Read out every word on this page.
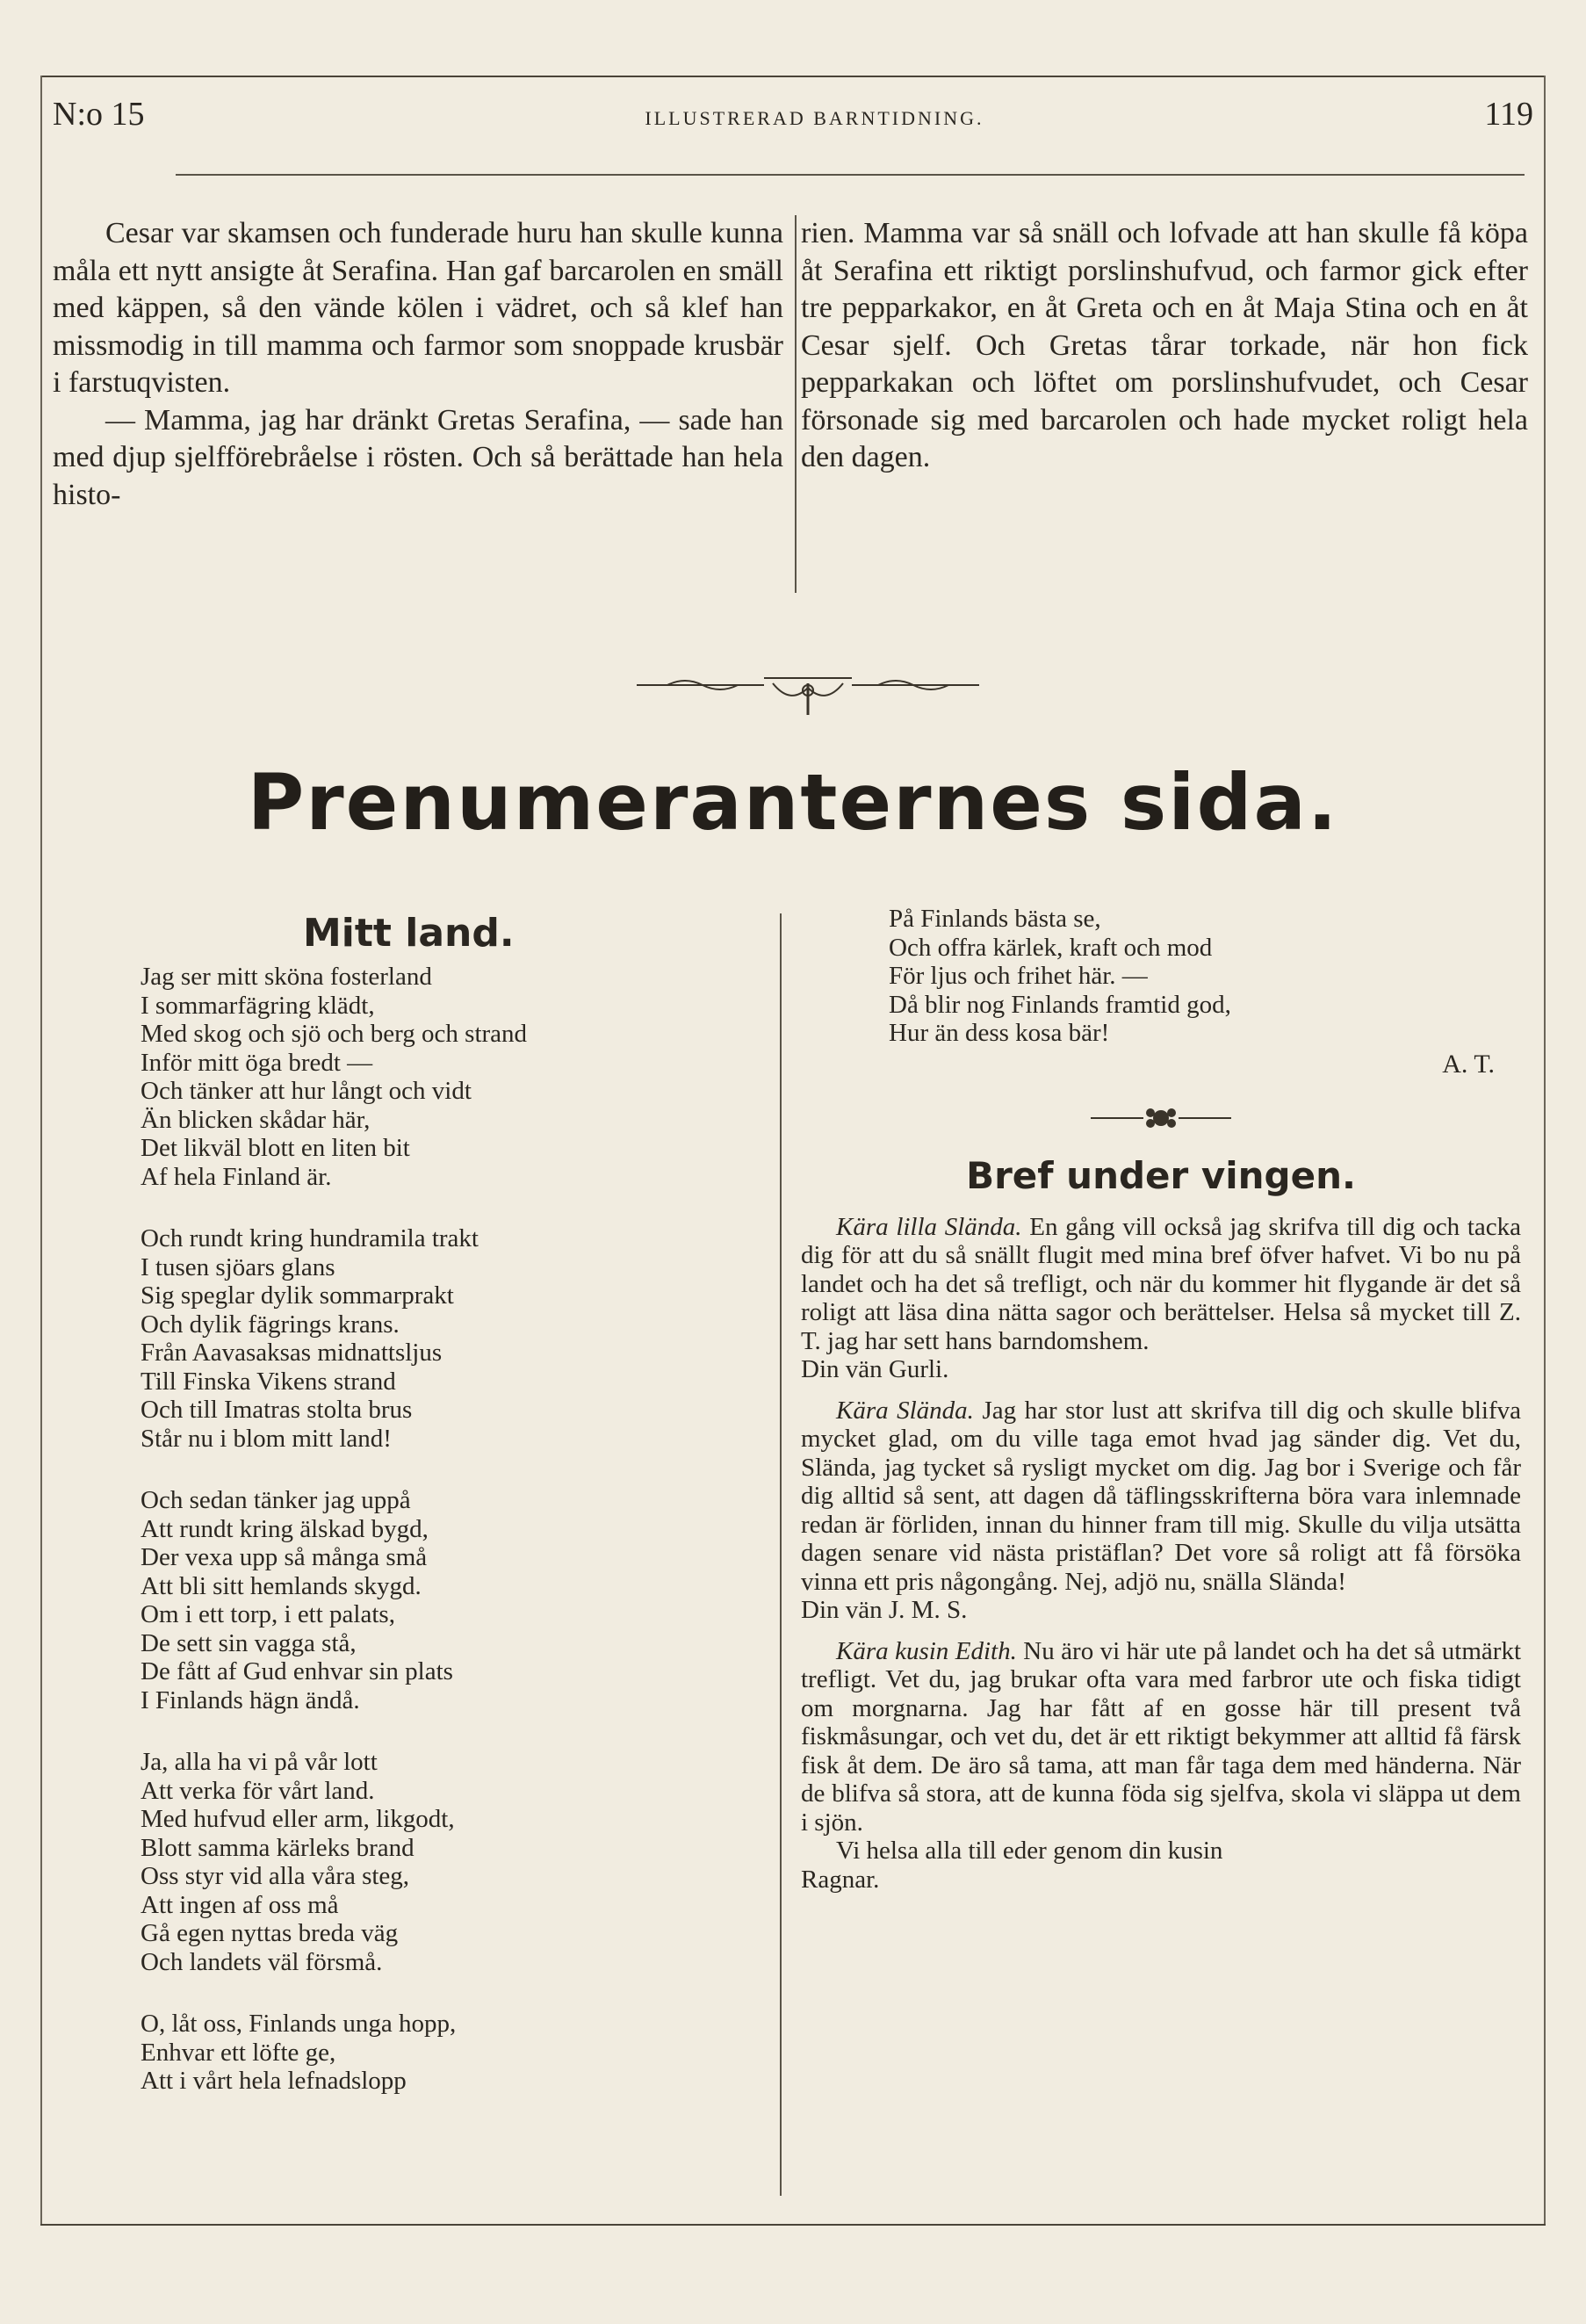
N:o 15	ILLUSTRERAD BARNTIDNING.	119

Cesar var skamsen och funderade huru han skulle kunna måla ett nytt ansigte åt Serafina. Han gaf barcarolen en smäll med käppen, så den vände kölen i vädret, och så klef han missmodig in till mamma och farmor som snoppade krusbär i farstuqvisten.

— Mamma, jag har dränkt Gretas Serafina, — sade han med djup sjelfförebråelse i rösten. Och så berättade han hela histo-

rien. Mamma var så snäll och lofvade att han skulle få köpa åt Serafina ett riktigt porslinshufvud, och farmor gick efter tre pepparkakor, en åt Greta och en åt Maja Stina och en åt Cesar sjelf. Och Gretas tårar torkade, när hon fick pepparkakan och löftet om porslinshufvudet, och Cesar försonade sig med barcarolen och hade mycket roligt hela den dagen.

Prenumeranternes sida.
Mitt land.
Jag ser mitt sköna fosterland
I sommarfägring klädt,
Med skog och sjö och berg och strand
Inför mitt öga bredt —
Och tänker att hur långt och vidt
Än blicken skådar här,
Det likväl blott en liten bit
Af hela Finland är.
Och rundt kring hundramila trakt
I tusen sjöars glans
Sig speglar dylik sommarprakt
Och dylik fägrings krans.
Från Aavasaksas midnattsljus
Till Finska Vikens strand
Och till Imatras stolta brus
Står nu i blom mitt land!
Och sedan tänker jag uppå
Att rundt kring älskad bygd,
Der vexa upp så många små
Att bli sitt hemlands skygd.
Om i ett torp, i ett palats,
De sett sin vagga stå,
De fått af Gud enhvar sin plats
I Finlands hägn ändå.
Ja, alla ha vi på vår lott
Att verka för vårt land.
Med hufvud eller arm, likgodt,
Blott samma kärleks brand
Oss styr vid alla våra steg,
Att ingen af oss må
Gå egen nyttas breda väg
Och landets väl försmå.
O, låt oss, Finlands unga hopp,
Enhvar ett löfte ge,
Att i vårt hela lefnadslopp
På Finlands bästa se,
Och offra kärlek, kraft och mod
För ljus och frihet här. —
Då blir nog Finlands framtid god,
Hur än dess kosa bär!
A. T.
Bref under vingen.

Kära lilla Slända. En gång vill också jag skrifva till dig och tacka dig för att du så snällt flugit med mina bref öfver hafvet. Vi bo nu på landet och ha det så trefligt, och när du kommer hit flygande är det så roligt att läsa dina nätta sagor och berättelser. Helsa så mycket till Z. T. jag har sett hans barndomshem.

Din vän Gurli.

Kära Slända. Jag har stor lust att skrifva till dig och skulle blifva mycket glad, om du ville taga emot hvad jag sänder dig. Vet du, Slända, jag tycket så rysligt mycket om dig. Jag bor i Sverige och får dig alltid så sent, att dagen då täflingsskrifterna böra vara inlemnade redan är förliden, innan du hinner fram till mig. Skulle du vilja utsätta dagen senare vid nästa pristäflan? Det vore så roligt att få försöka vinna ett pris någongång. Nej, adjö nu, snälla Slända!

Din vän J. M. S.

Kära kusin Edith. Nu äro vi här ute på landet och ha det så utmärkt trefligt. Vet du, jag brukar ofta vara med farbror ute och fiska tidigt om morgnarna. Jag har fått af en gosse här till present två fiskmåsungar, och vet du, det är ett riktigt bekymmer att alltid få färsk fisk åt dem. De äro så tama, att man får taga dem med händerna. När de blifva så stora, att de kunna föda sig sjelfva, skola vi släppa ut dem i sjön.

Vi helsa alla till eder genom din kusin

Ragnar.
